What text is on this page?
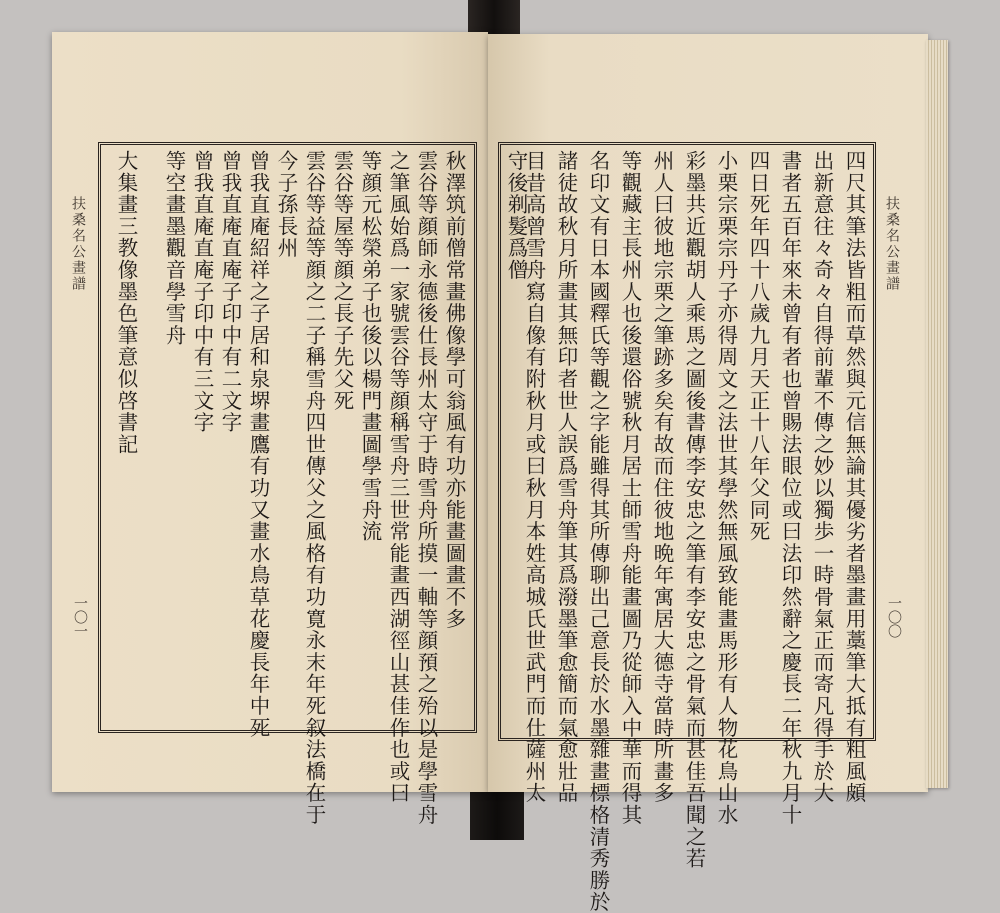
扶桑名公畫譜
一〇一
扶桑名公畫譜
一〇〇
四尺其筆法皆粗而草然與元信無論其優劣者墨畫用藁筆大抵有粗風頗
出新意往々奇々自得前輩不傳之妙以獨歩一時骨氣正而寄凡得手於大
書者五百年來未曾有者也曾賜法眼位或曰法印然辭之慶長二年秋九月十
四日死年四十八歲九月天正十八年父同死
小栗宗栗宗丹子亦得周文之法世其學然無風致能畫馬形有人物花鳥山水
彩墨共近觀胡人乘馬之圖後書傳李安忠之筆有李安忠之骨氣而甚佳吾聞之若
州人曰彼地宗栗之筆跡多矣有故而住彼地晩年寓居大德寺當時所畫多
等觀藏主長州人也後還俗號秋月居士師雪舟能畫圖乃從師入中華而得其
名印文有日本國釋氏等觀之字能雖得其所傳聊出己意長於水墨雜畫標格清秀勝於
諸徒故秋月所畫其無印者世人誤爲雪舟筆其爲潑墨筆愈簡而氣愈壯品
目昔高曾雪舟寫自像有附秋月或曰秋月本姓高城氏世武門而仕薩州太
守後剃髮爲僧
秋澤筑前僧常畫佛像學可翁風有功亦能畫圖畫不多
雲谷等顔師永德後仕長州太守于時雪舟所摸一軸等顔預之殆以是學雪舟
之筆風始爲一家號雲谷等顔稱雪舟三世常能畫西湖徑山甚佳作也或曰
等顔元松榮弟子也後以楊門畫圖學雪舟流
雲谷等屋等顔之長子先父死
雲谷等益等顔之二子稱雪舟四世傳父之風格有功寛永末年死叙法橋在于
今子孫長州
曾我直庵紹祥之子居和泉堺畫鷹有功又畫水鳥草花慶長年中死
曾我直庵直庵子印中有二文字
曾我直庵直庵子印中有三文字
等空畫墨觀音學雪舟
大集畫三教像墨色筆意似啓書記
